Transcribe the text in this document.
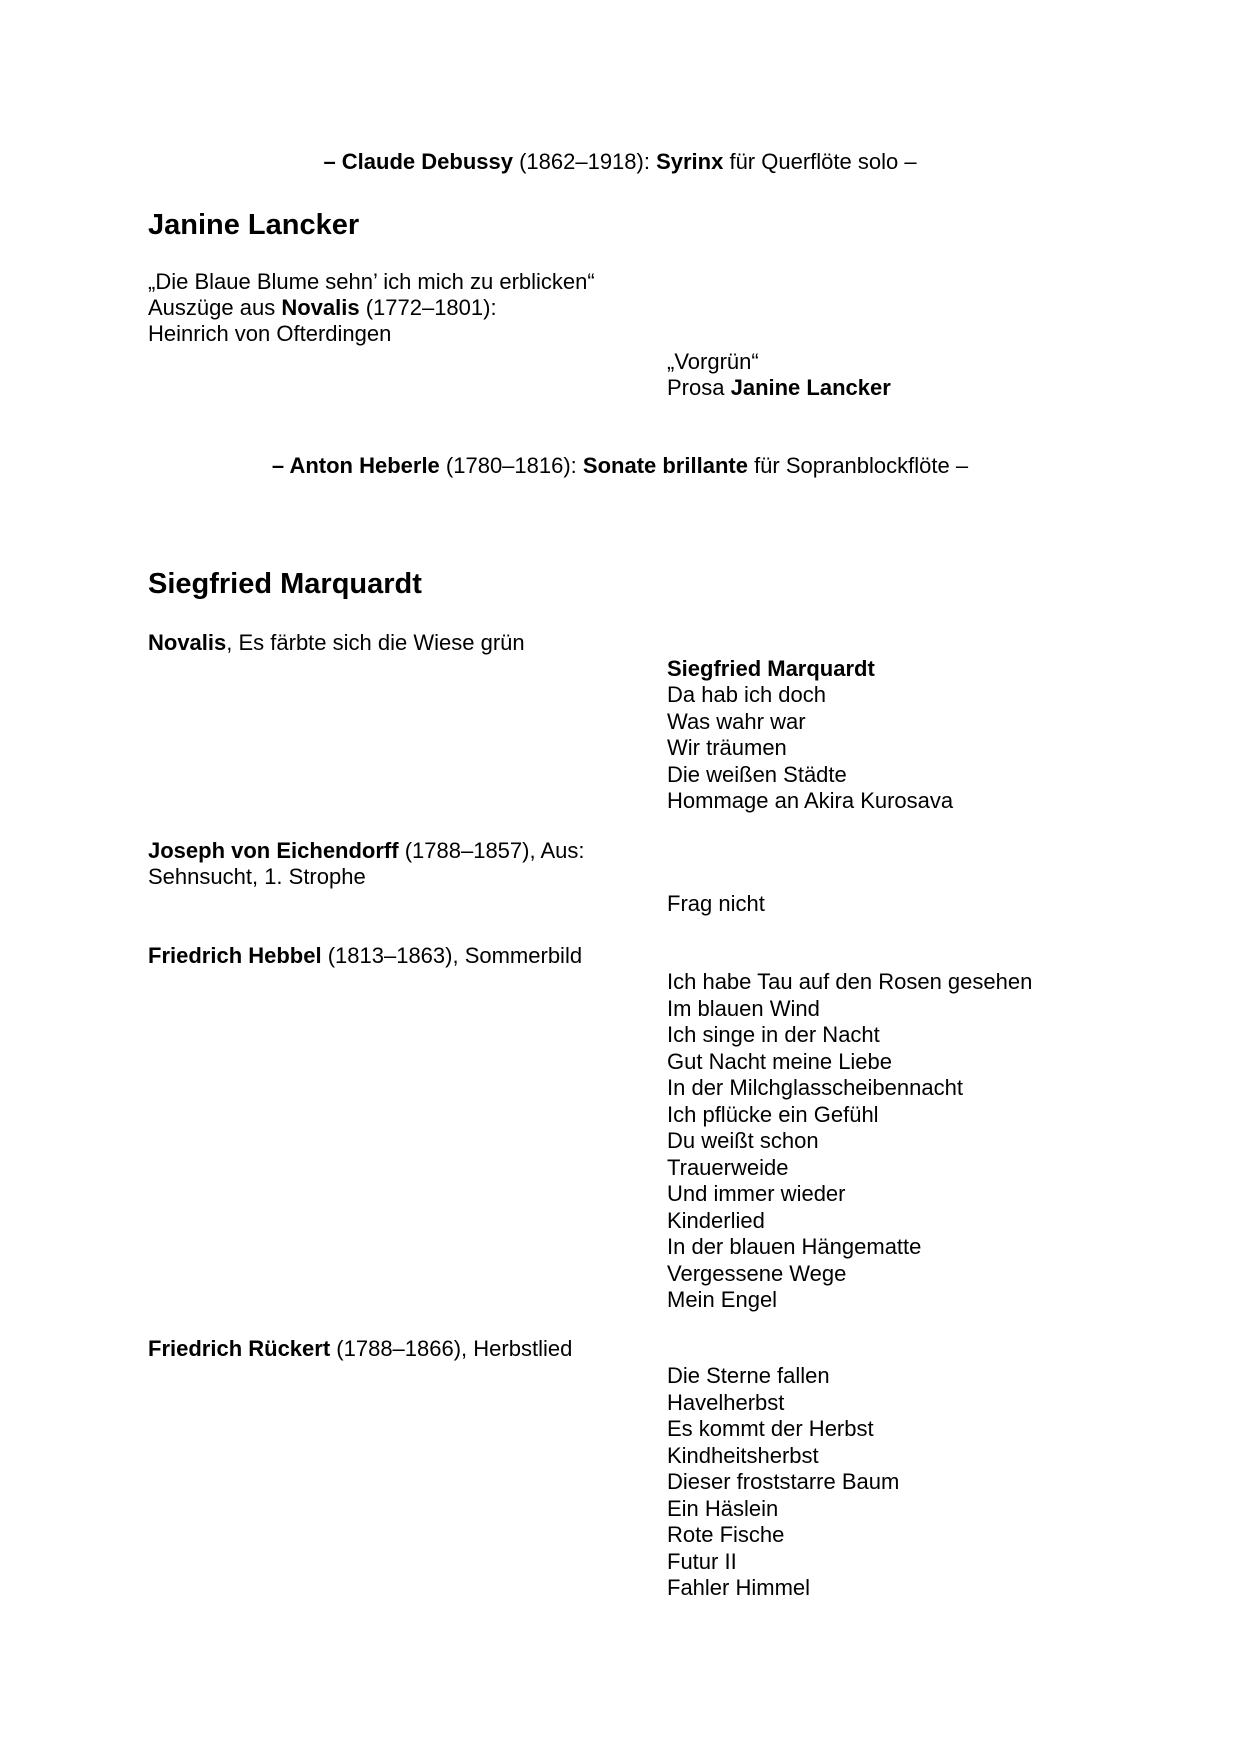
– Claude Debussy (1862–1918): Syrinx für Querflöte solo –
Janine Lancker
„Die Blaue Blume sehn’ ich mich zu erblicken“
Auszüge aus Novalis (1772–1801):
Heinrich von Ofterdingen
„Vorgrün“
Prosa Janine Lancker
– Anton Heberle (1780–1816): Sonate brillante für Sopranblockflöte –
Siegfried Marquardt
Novalis, Es färbte sich die Wiese grün
Siegfried Marquardt
Da hab ich doch
Was wahr war
Wir träumen
Die weißen Städte
Hommage an Akira Kurosava
Joseph von Eichendorff (1788–1857), Aus:
Sehnsucht, 1. Strophe
Frag nicht
Friedrich Hebbel (1813–1863), Sommerbild
Ich habe Tau auf den Rosen gesehen
Im blauen Wind
Ich singe in der Nacht
Gut Nacht meine Liebe
In der Milchglasscheibennacht
Ich pflücke ein Gefühl
Du weißt schon
Trauerweide
Und immer wieder
Kinderlied
In der blauen Hängematte
Vergessene Wege
Mein Engel
Friedrich Rückert (1788–1866), Herbstlied
Die Sterne fallen
Havelherbst
Es kommt der Herbst
Kindheitsherbst
Dieser froststarre Baum
Ein Häslein
Rote Fische
Futur II
Fahler Himmel
